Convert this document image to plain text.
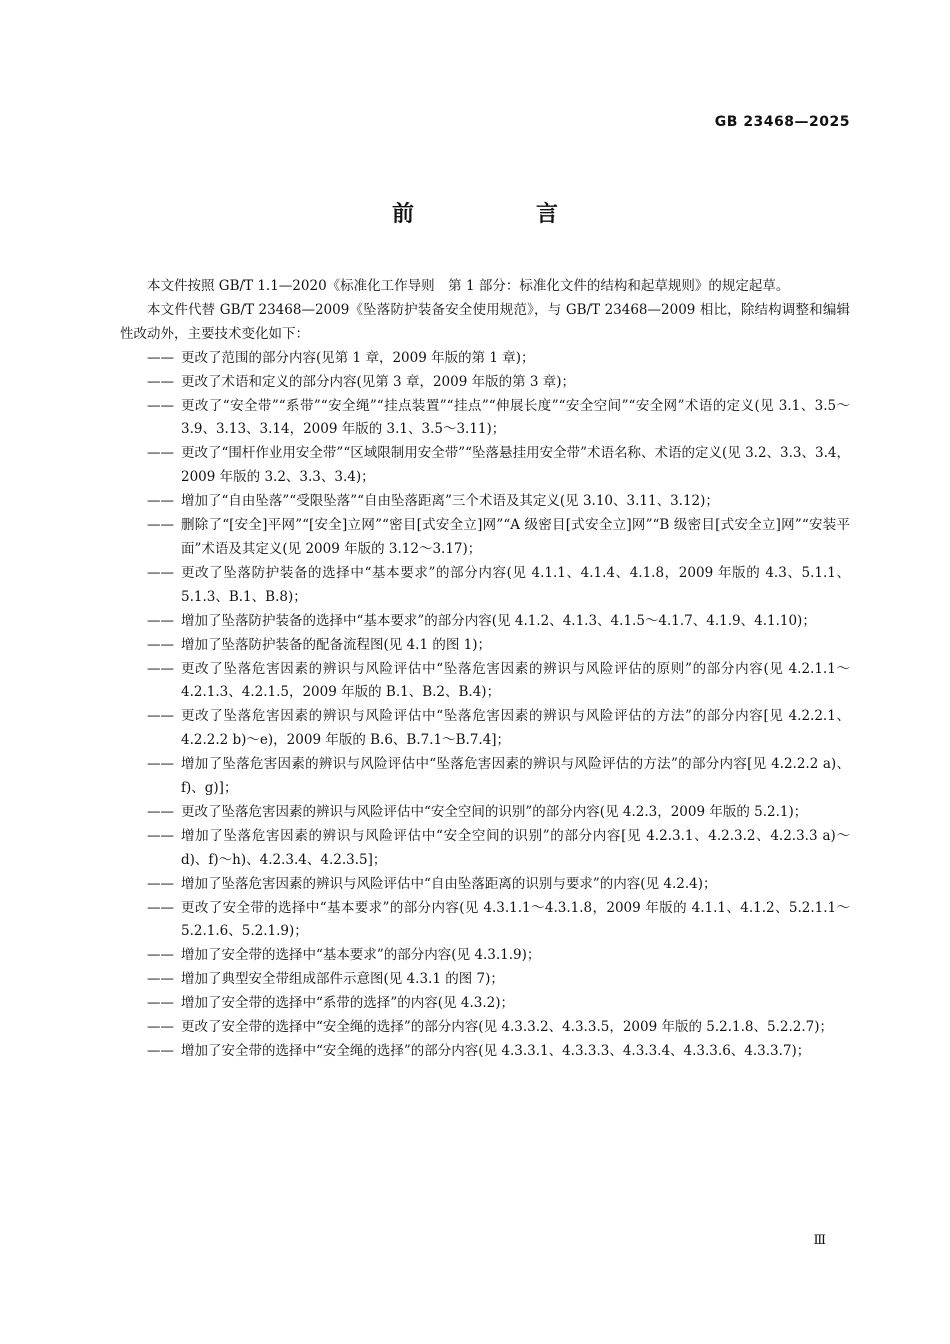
GB 23468—2025
前　言

本文件按照 GB/T 1.1—2020《标准化工作导则　第 1 部分：标准化文件的结构和起草规则》的规定起草。

本文件代替 GB/T 23468—2009《坠落防护装备安全使用规范》，与 GB/T 23468—2009 相比，除结构调整和编辑性改动外，主要技术变化如下：

—— 更改了范围的部分内容(见第 1 章，2009 年版的第 1 章)；

—— 更改了术语和定义的部分内容(见第 3 章，2009 年版的第 3 章)；

—— 更改了“安全带”“系带”“安全绳”“挂点装置”“挂点”“伸展长度”“安全空间”“安全网”术语的定义(见 3.1、3.5～3.9、3.13、3.14，2009 年版的 3.1、3.5～3.11)；

—— 更改了“围杆作业用安全带”“区域限制用安全带”“坠落悬挂用安全带”术语名称、术语的定义(见 3.2、3.3、3.4，2009 年版的 3.2、3.3、3.4)；

—— 增加了“自由坠落”“受限坠落”“自由坠落距离”三个术语及其定义(见 3.10、3.11、3.12)；

—— 删除了“[安全]平网”“[安全]立网”“密目[式安全立]网”“A 级密目[式安全立]网”“B 级密目[式安全立]网”“安装平面”术语及其定义(见 2009 年版的 3.12～3.17)；

—— 更改了坠落防护装备的选择中“基本要求”的部分内容(见 4.1.1、4.1.4、4.1.8，2009 年版的 4.3、5.1.1、5.1.3、B.1、B.8)；

—— 增加了坠落防护装备的选择中“基本要求”的部分内容(见 4.1.2、4.1.3、4.1.5～4.1.7、4.1.9、4.1.10)；

—— 增加了坠落防护装备的配备流程图(见 4.1 的图 1)；

—— 更改了坠落危害因素的辨识与风险评估中“坠落危害因素的辨识与风险评估的原则”的部分内容(见 4.2.1.1～4.2.1.3、4.2.1.5，2009 年版的 B.1、B.2、B.4)；

—— 更改了坠落危害因素的辨识与风险评估中“坠落危害因素的辨识与风险评估的方法”的部分内容[见 4.2.2.1、4.2.2.2 b)～e)，2009 年版的 B.6、B.7.1～B.7.4]；

—— 增加了坠落危害因素的辨识与风险评估中“坠落危害因素的辨识与风险评估的方法”的部分内容[见 4.2.2.2 a)、f)、g)]；

—— 更改了坠落危害因素的辨识与风险评估中“安全空间的识别”的部分内容(见 4.2.3，2009 年版的 5.2.1)；

—— 增加了坠落危害因素的辨识与风险评估中“安全空间的识别”的部分内容[见 4.2.3.1、4.2.3.2、4.2.3.3 a)～d)、f)～h)、4.2.3.4、4.2.3.5]；

—— 增加了坠落危害因素的辨识与风险评估中“自由坠落距离的识别与要求”的内容(见 4.2.4)；

—— 更改了安全带的选择中“基本要求”的部分内容(见 4.3.1.1～4.3.1.8，2009 年版的 4.1.1、4.1.2、5.2.1.1～5.2.1.6、5.2.1.9)；

—— 增加了安全带的选择中“基本要求”的部分内容(见 4.3.1.9)；

—— 增加了典型安全带组成部件示意图(见 4.3.1 的图 7)；

—— 增加了安全带的选择中“系带的选择”的内容(见 4.3.2)；

—— 更改了安全带的选择中“安全绳的选择”的部分内容(见 4.3.3.2、4.3.3.5，2009 年版的 5.2.1.8、5.2.2.7)；

—— 增加了安全带的选择中“安全绳的选择”的部分内容(见 4.3.3.1、4.3.3.3、4.3.3.4、4.3.3.6、4.3.3.7)；

Ⅲ
